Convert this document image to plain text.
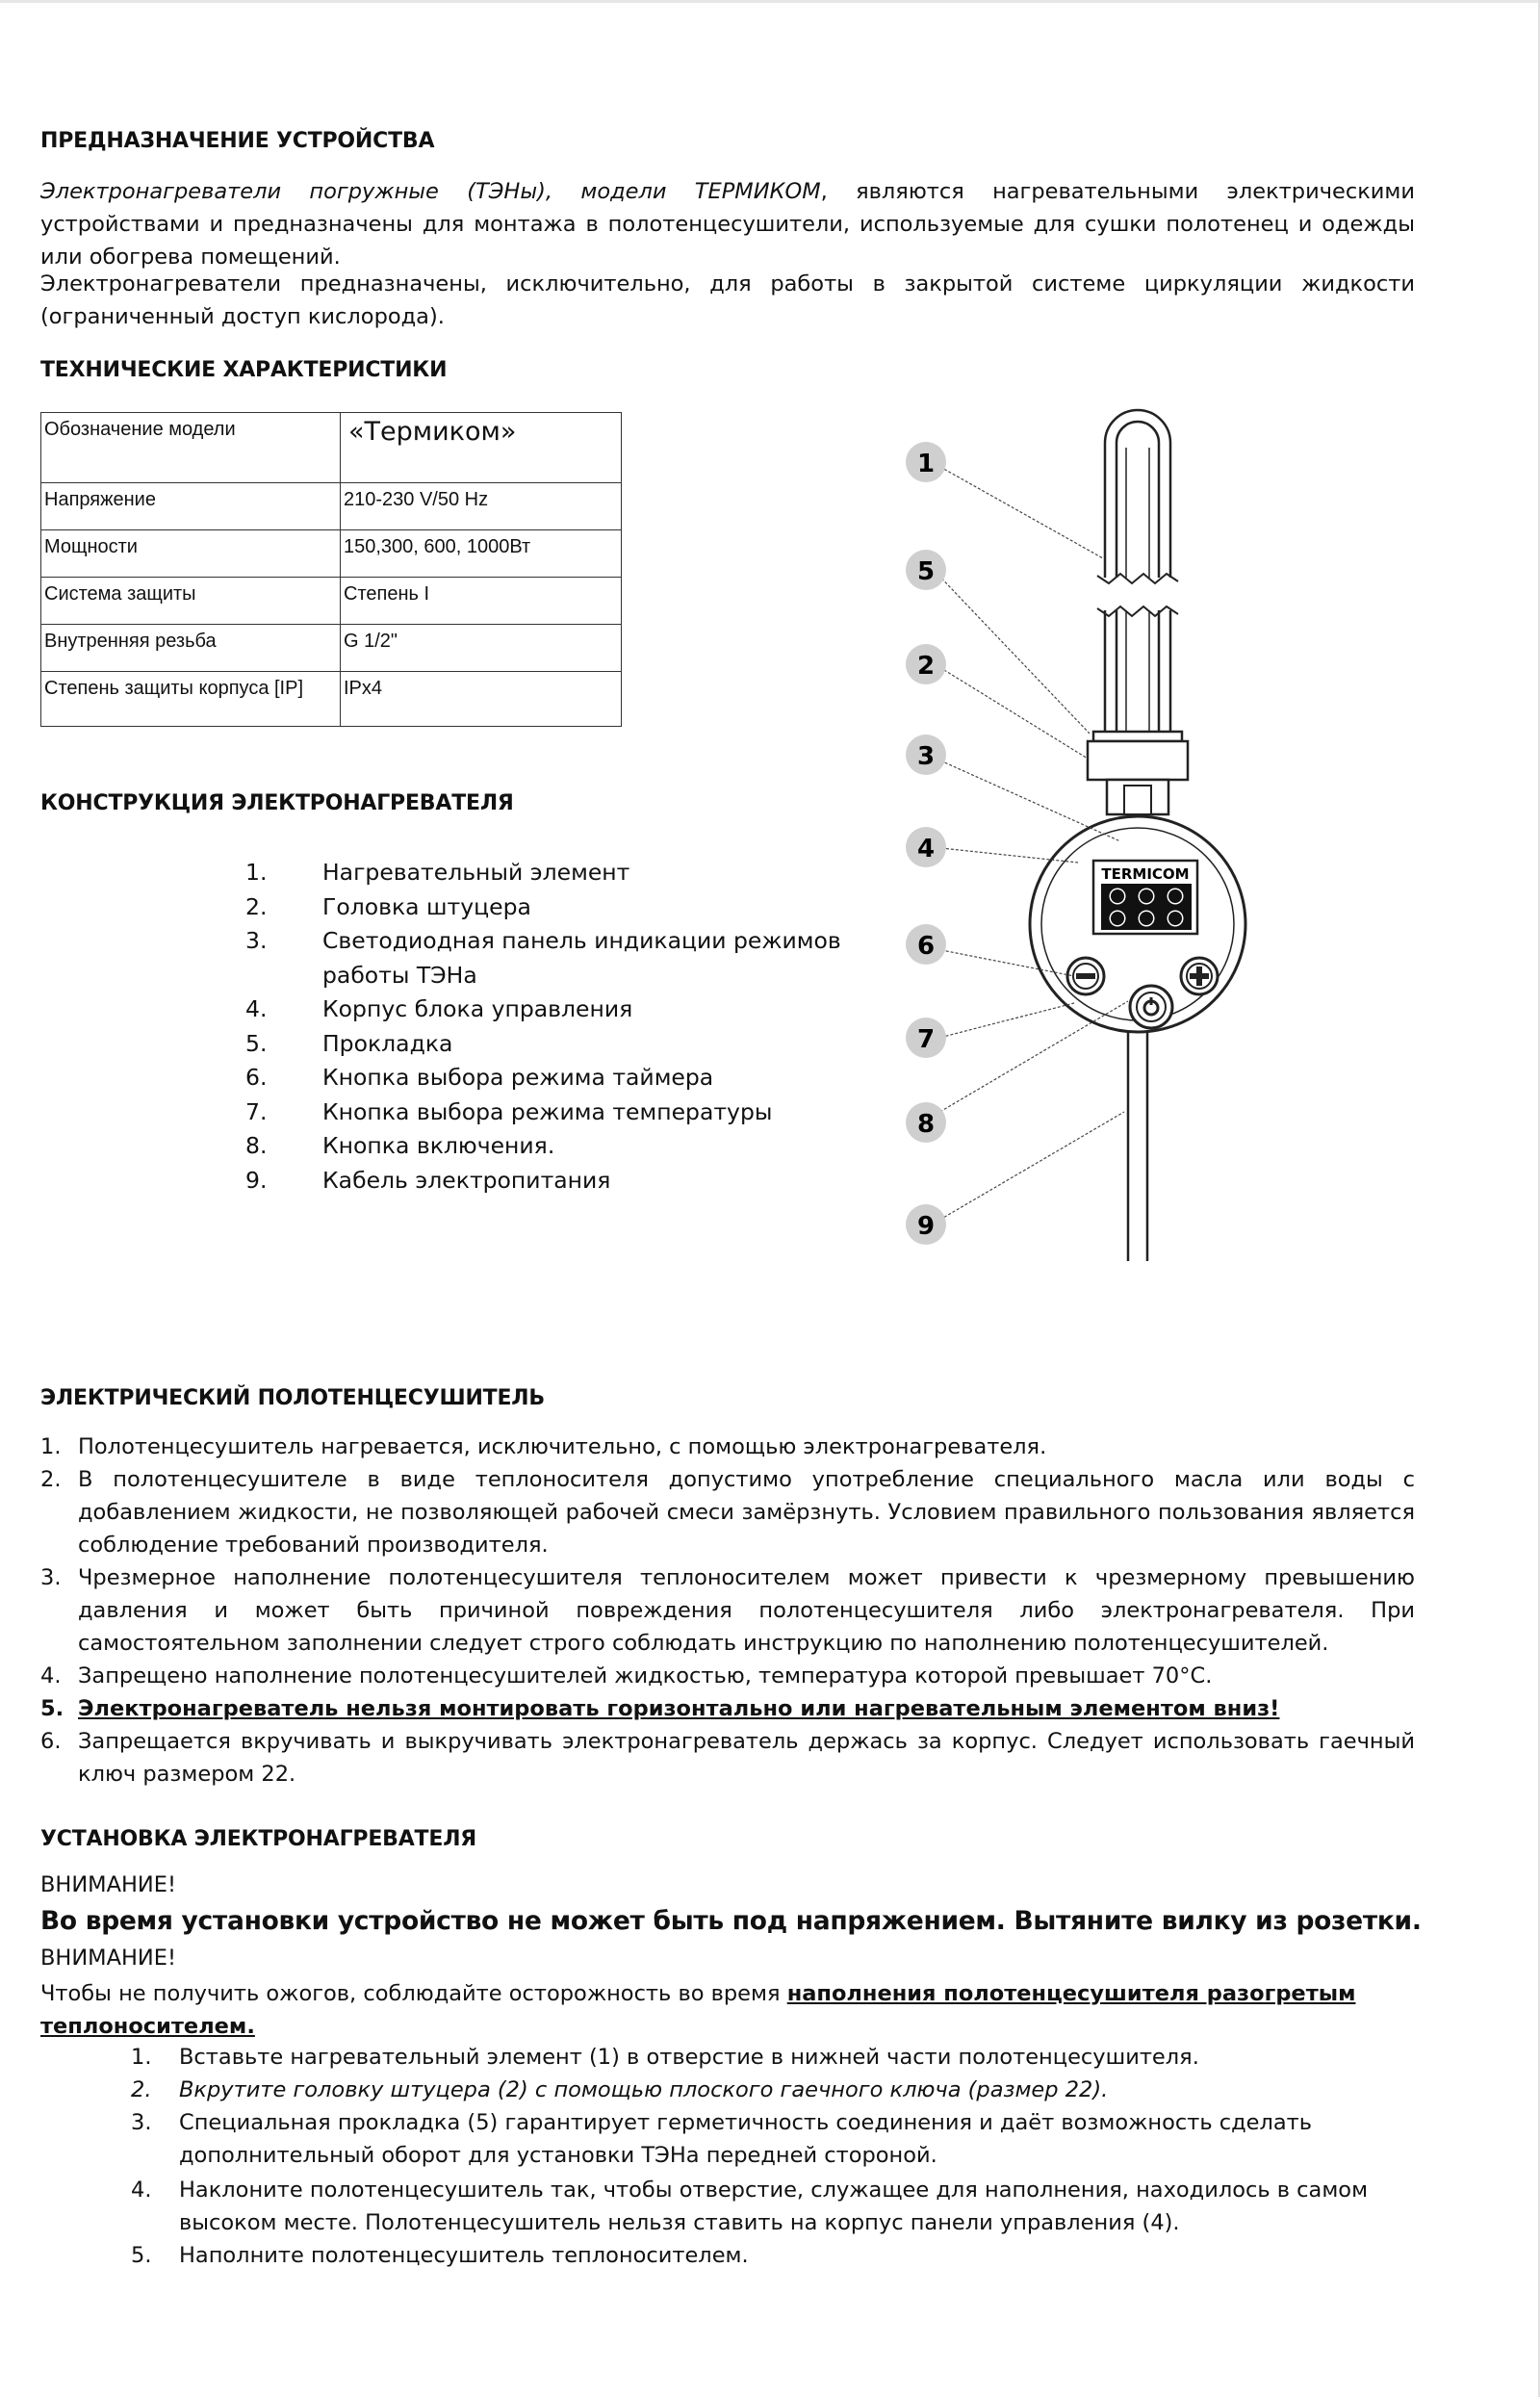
ПРЕДНАЗНАЧЕНИЕ УСТРОЙСТВА
Электронагреватели погружные (ТЭНы), модели ТЕРМИКОМ, являются нагревательными электрическими устройствами и предназначены для монтажа в полотенцесушители, используемые для сушки полотенец и одежды или обогрева помещений.
Электронагреватели предназначены, исключительно, для работы в закрытой системе циркуляции жидкости (ограниченный доступ кислорода).
ТЕХНИЧЕСКИЕ ХАРАКТЕРИСТИКИ
Обозначение модели	«Термиком»
Напряжение	210-230 V/50 Hz
Мощности	150,300, 600, 1000Вт
Система защиты	Степень I
Внутренняя резьба	G 1/2"
Степень защиты корпуса [IP]	IPx4
КОНСТРУКЦИЯ ЭЛЕКТРОНАГРЕВАТЕЛЯ
1.	Нагревательный элемент
2.	Головка штуцера
3.	Светодиодная панель индикации режимов
работы ТЭНа
4.	Корпус блока управления
5.	Прокладка
6.	Кнопка выбора режима таймера
7.	Кнопка выбора режима температуры
8.	Кнопка включения.
9.	Кабель электропитания
TERMICOM
1
5
2
3
4
6
7
8
9
ЭЛЕКТРИЧЕСКИЙ ПОЛОТЕНЦЕСУШИТЕЛЬ
1. Полотенцесушитель нагревается, исключительно, с помощью электронагревателя.
2. В полотенцесушителе в виде теплоносителя допустимо употребление специального масла или воды с добавлением жидкости, не позволяющей рабочей смеси замёрзнуть. Условием правильного пользования является соблюдение требований производителя.
3. Чрезмерное наполнение полотенцесушителя теплоносителем может привести к чрезмерному превышению давления и может быть причиной повреждения полотенцесушителя либо электронагревателя. При самостоятельном заполнении следует строго соблюдать инструкцию по наполнению полотенцесушителей.
4. Запрещено наполнение полотенцесушителей жидкостью, температура которой превышает 70°С.
5. Электронагреватель нельзя монтировать горизонтально или нагревательным элементом вниз!
6. Запрещается вкручивать и выкручивать электронагреватель держась за корпус. Следует использовать гаечный ключ размером 22.
УСТАНОВКА ЭЛЕКТРОНАГРЕВАТЕЛЯ
ВНИМАНИЕ!
Во время установки устройство не может быть под напряжением. Вытяните вилку из розетки.
ВНИМАНИЕ!
Чтобы не получить ожогов, соблюдайте осторожность во время наполнения полотенцесушителя разогретым
теплоносителем.
1.	Вставьте нагревательный элемент (1) в отверстие в нижней части полотенцесушителя.
2.	Вкрутите головку штуцера (2) с помощью плоского гаечного ключа (размер 22).
3.	Специальная прокладка (5) гарантирует герметичность соединения и даёт возможность сделать дополнительный оборот для установки ТЭНа передней стороной.
4.	Наклоните полотенцесушитель так, чтобы отверстие, служащее для наполнения, находилось в самом высоком месте. Полотенцесушитель нельзя ставить на корпус панели управления (4).
5.	Наполните полотенцесушитель теплоносителем.
